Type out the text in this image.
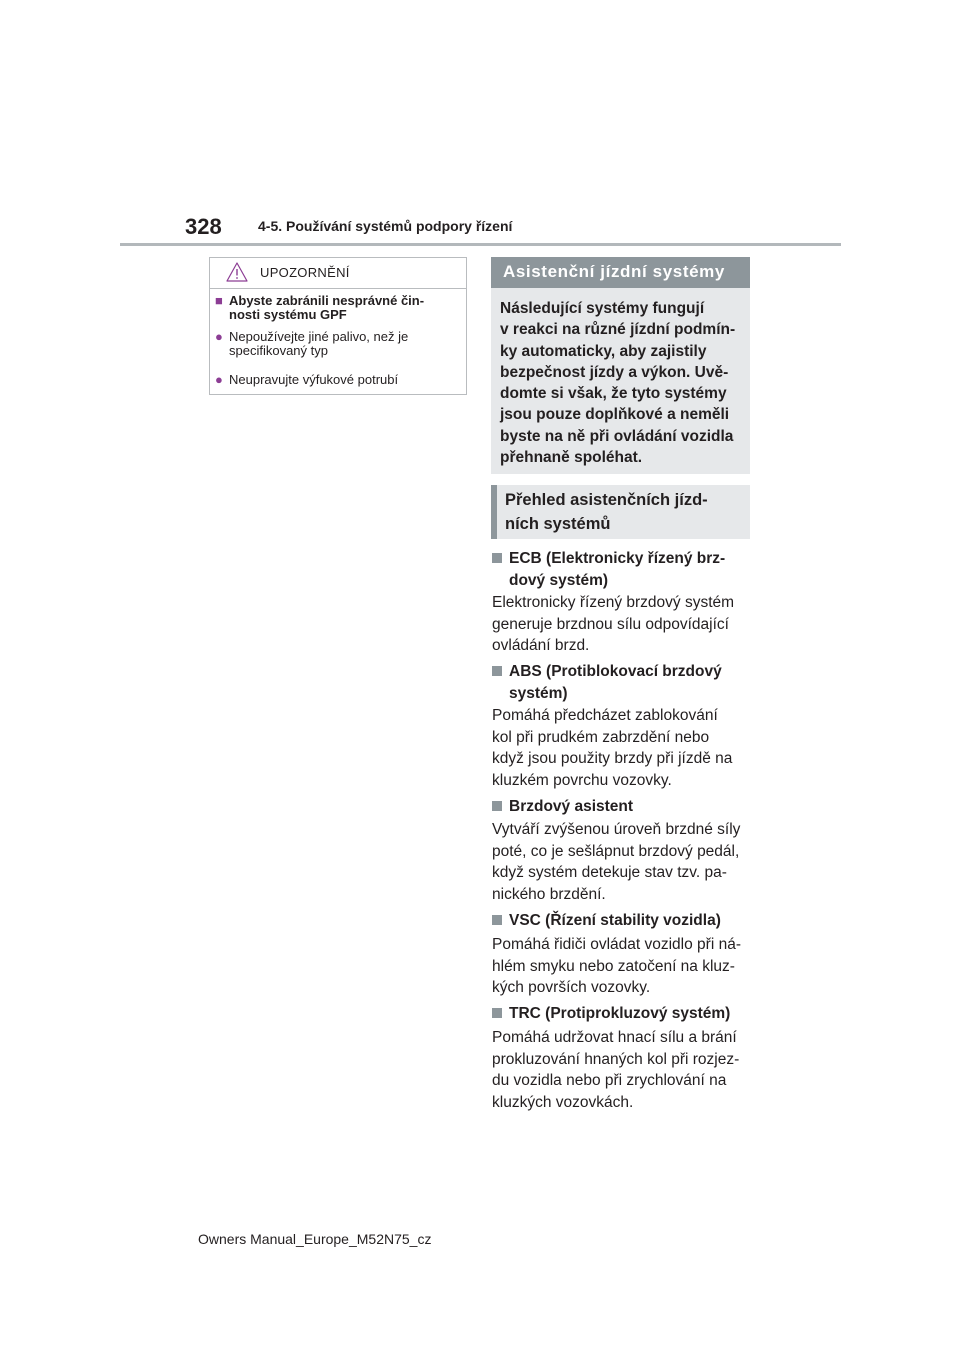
328	4-5. Používání systémů podpory řízení
UPOZORNĚNÍ
■ Abyste zabránili nesprávné čin-
nosti systému GPF
● Nepoužívejte jiné palivo, než je
specifikovaný typ
● Neupravujte výfukové potrubí
Asistenční jízdní systémy
Následující systémy fungují
v reakci na různé jízdní podmín-
ky automaticky, aby zajistily
bezpečnost jízdy a výkon. Uvě-
domte si však, že tyto systémy
jsou pouze doplňkové a neměli
byste na ně při ovládání vozidla
přehnaně spoléhat.
Přehled asistenčních jízd-
ních systémů
ECB (Elektronicky řízený brz-
dový systém)
Elektronicky řízený brzdový systém
generuje brzdnou sílu odpovídající
ovládání brzd.
ABS (Protiblokovací brzdový
systém)
Pomáhá předcházet zablokování
kol při prudkém zabrzdění nebo
když jsou použity brzdy při jízdě na
kluzkém povrchu vozovky.
Brzdový asistent
Vytváří zvýšenou úroveň brzdné síly
poté, co je sešlápnut brzdový pedál,
když systém detekuje stav tzv. pa-
nického brzdění.
VSC (Řízení stability vozidla)
Pomáhá řidiči ovládat vozidlo při ná-
hlém smyku nebo zatočení na kluz-
kých površích vozovky.
TRC (Protiprokluzový systém)
Pomáhá udržovat hnací sílu a brání
prokluzování hnaných kol při rozjez-
du vozidla nebo při zrychlování na
kluzkých vozovkách.
Owners Manual_Europe_M52N75_cz
